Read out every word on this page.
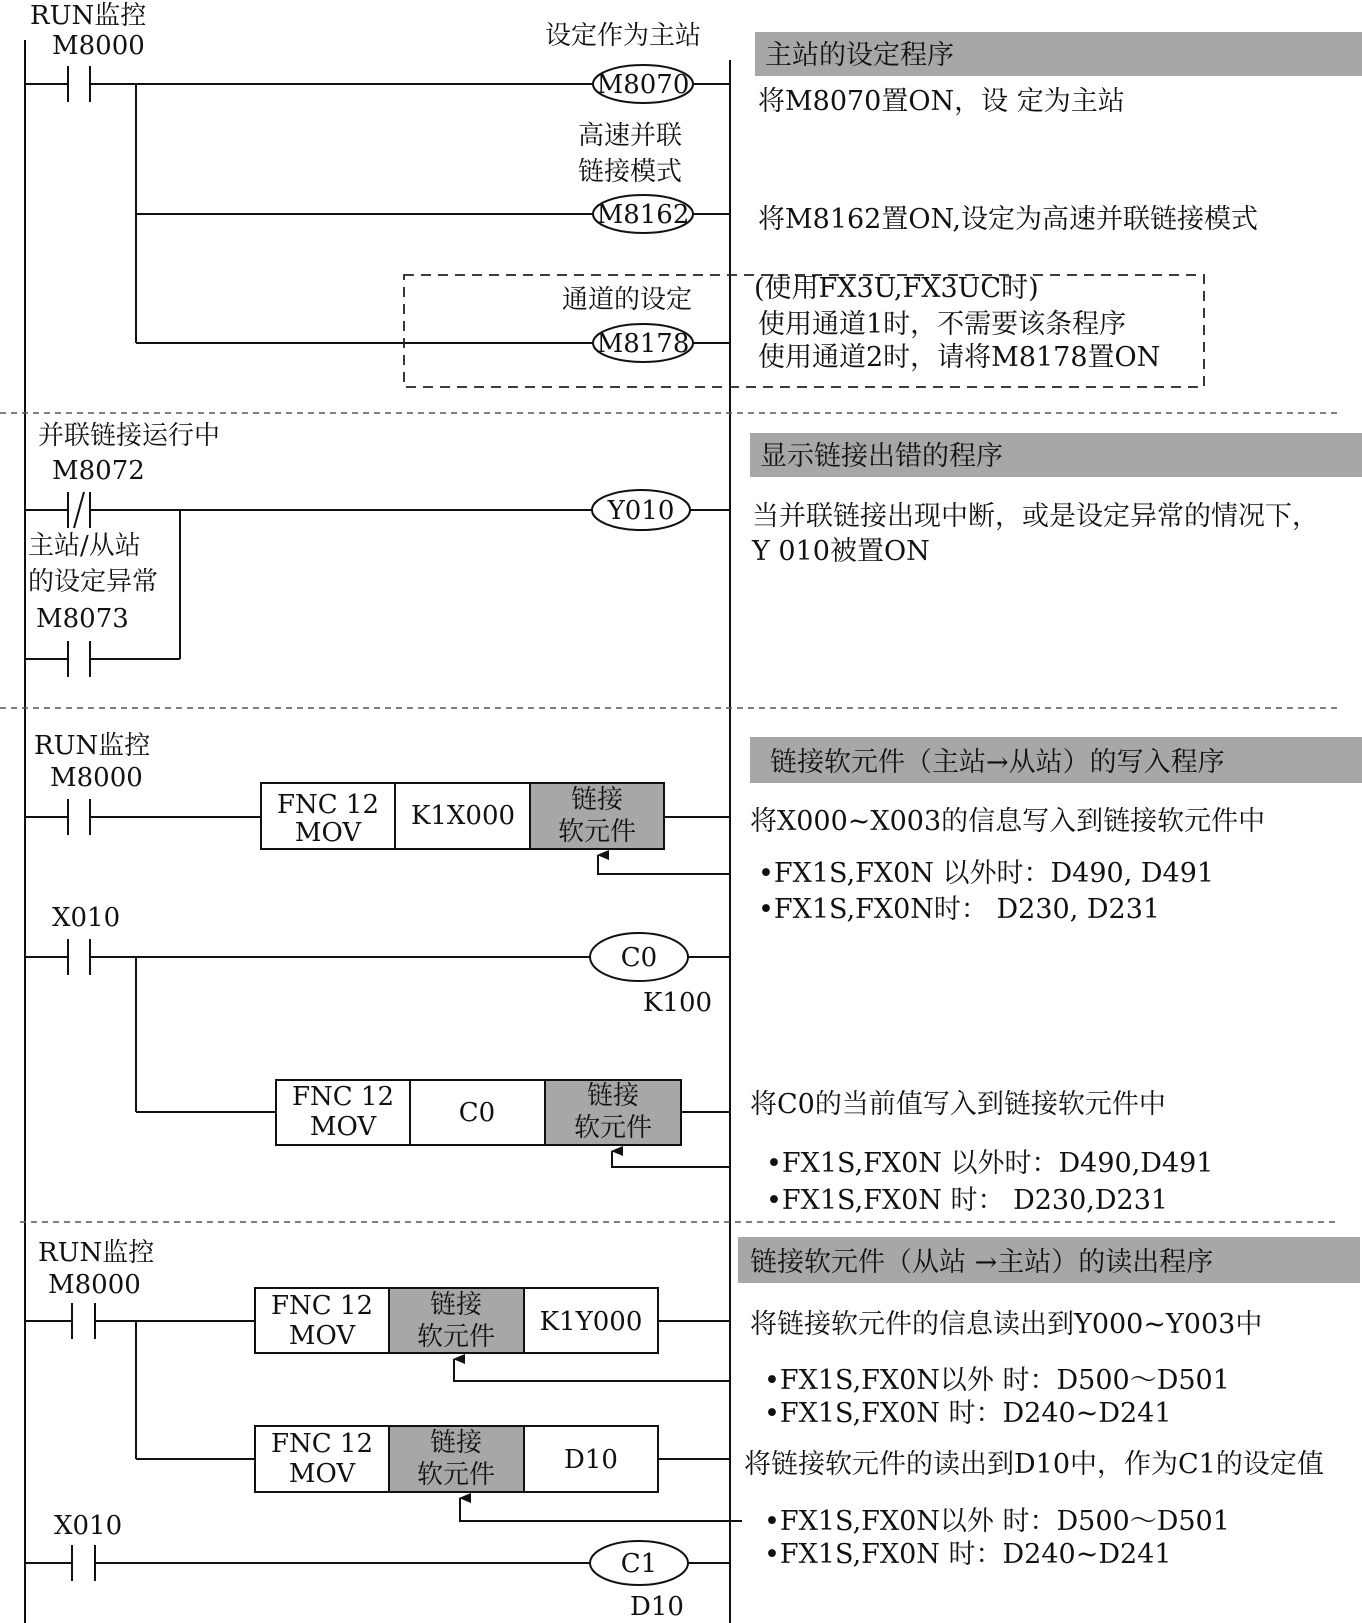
RUN监控
M8000
M8070
设定作为主站
M8162
高速并联
链接模式
M8178
通道的设定
主站的设定程序
将M8070置ON，设 定为主站
将M8162置ON,设定为高速并联链接模式
(使用FX3U,FX3UC时)
使用通道1时，不需要该条程序
使用通道2时，请将M8178置ON
并联链接运行中
M8072
主站/从站
的设定异常
M8073
Y010
显示链接出错的程序
当并联链接出现中断，或是设定异常的情况下，
Y 010被置ON
RUN监控
M8000
FNC 12
MOV
K1X000
链接
软元件
X010
C0
K100
FNC 12
MOV	C0
链接
软元件
链接软元件（主站→从站）的写入程序
将X000~X003的信息写入到链接软元件中
•FX1S,FX0N 以外时：D490, D491
•FX1S,FX0N时： D230, D231
将C0的当前值写入到链接软元件中
•FX1S,FX0N 以外时：D490,D491
•FX1S,FX0N 时： D230,D231
RUN监控
M8000
FNC 12
MOV
链接
软元件 K1Y000
FNC 12
MOV
链接
软元件	D10
X010
C1
D10
链接软元件（从站 →主站）的读出程序
将链接软元件的信息读出到Y000~Y003中
•FX1S,FX0N以外 时：D500～D501
•FX1S,FX0N 时：D240~D241
将链接软元件的读出到D10中，作为C1的设定值
•FX1S,FX0N以外 时：D500～D501
•FX1S,FX0N 时：D240~D241
